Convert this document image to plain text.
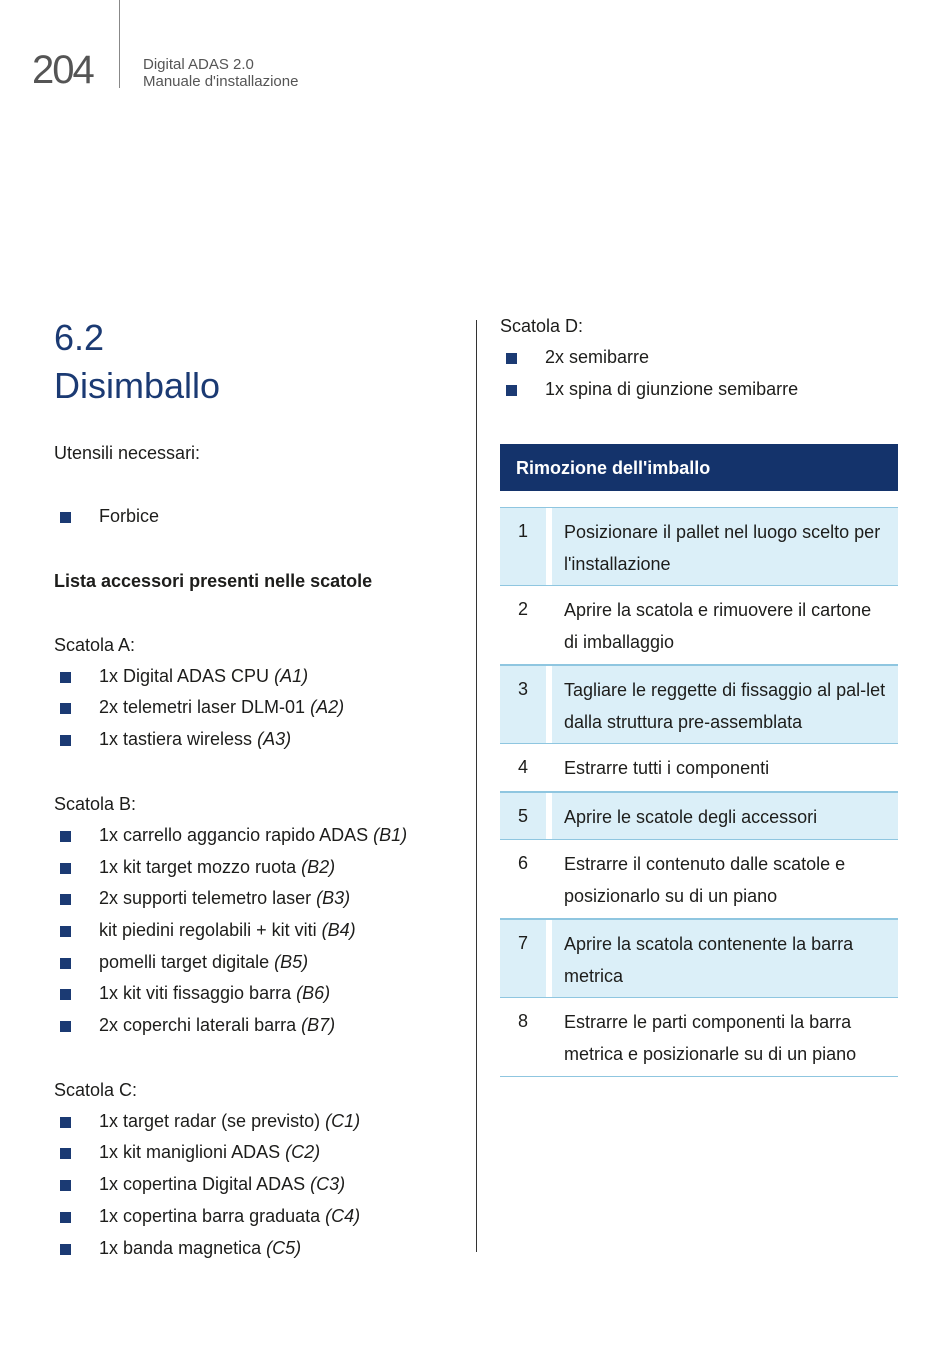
204	Digital ADAS 2.0
Manuale d'installazione
6.2
Disimballo

Utensili necessari:

Forbice

Lista accessori presenti nelle scatole

Scatola A:

1x Digital ADAS CPU (A1)
2x telemetri laser DLM-01 (A2)
1x tastiera wireless (A3)

Scatola B:

1x carrello aggancio rapido ADAS (B1)
1x kit target mozzo ruota (B2)
2x supporti telemetro laser (B3)
kit piedini regolabili + kit viti (B4)
pomelli target digitale (B5)
1x kit viti fissaggio barra (B6)
2x coperchi laterali barra (B7)

Scatola C:

1x target radar (se previsto) (C1)
1x kit maniglioni ADAS (C2)
1x copertina Digital ADAS (C3)
1x copertina barra graduata (C4)
1x banda magnetica (C5)

Scatola D:

2x semibarre
1x spina di giunzione semibarre
Rimozione dell'imballo
1	Posizionare il pallet nel luogo scelto per l'installazione
2	Aprire la scatola e rimuovere il cartone di imballaggio
3	Tagliare le reggette di fissaggio al pal-let dalla struttura pre-assemblata
4	Estrarre tutti i componenti
5	Aprire le scatole degli accessori
6	Estrarre il contenuto dalle scatole e posizionarlo su di un piano
7	Aprire la scatola contenente la barra metrica
8	Estrarre le parti componenti la barra metrica e posizionarle su di un piano
